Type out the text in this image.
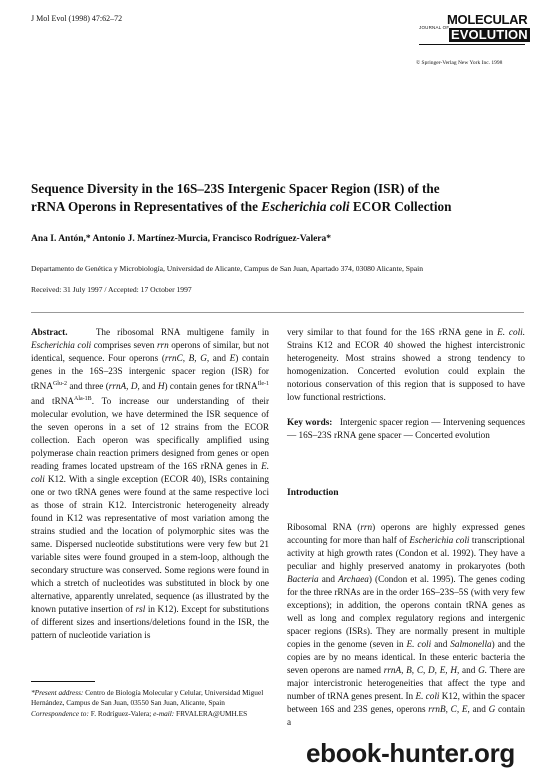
J Mol Evol (1998) 47:62–72
JOURNAL OF
MOLECULAR
EVOLUTION
© Springer-Verlag New York Inc. 1998
Sequence Diversity in the 16S–23S Intergenic Spacer Region (ISR) of the
rRNA Operons in Representatives of the Escherichia coli ECOR Collection
Ana I. Antón,* Antonio J. Martínez-Murcia, Francisco Rodríguez-Valera*
Departamento de Genética y Microbiología, Universidad de Alicante, Campus de San Juan, Apartado 374, 03080 Alicante, Spain
Received: 31 July 1997 / Accepted: 17 October 1997

Abstract.	The ribosomal RNA multigene family in Escherichia coli comprises seven rrn operons of similar, but not identical, sequence. Four operons (rrnC, B, G, and E) contain genes in the 16S–23S intergenic spacer region (ISR) for tRNA$^{Glu-2}$ and three (rrnA, D, and H) contain genes for tRNA$^{Ile-1}$ and tRNA$^{Ala-1B}$. To increase our understanding of their molecular evolution, we have determined the ISR sequence of the seven operons in a set of 12 strains from the ECOR collection. Each operon was specifically amplified using polymerase chain reaction primers designed from genes or open reading frames located upstream of the 16S rRNA genes in E. coli K12. With a single exception (ECOR 40), ISRs containing one or two tRNA genes were found at the same respective loci as those of strain K12. Intercistronic heterogeneity already found in K12 was representative of most variation among the strains studied and the location of polymorphic sites was the same. Dispersed nucleotide substitutions were very few but 21 variable sites were found grouped in a stem-loop, although the secondary structure was conserved. Some regions were found in which a stretch of nucleotides was substituted in block by one alternative, apparently unrelated, sequence (as illustrated by the known putative insertion of rsl in K12). Except for substitutions of different sizes and insertions/deletions found in the ISR, the pattern of nucleotide variation is

very similar to that found for the 16S rRNA gene in E. coli. Strains K12 and ECOR 40 showed the highest intercistronic heterogeneity. Most strains showed a strong tendency to homogenization. Concerted evolution could explain the notorious conservation of this region that is supposed to have low functional restrictions.

Key words: Intergenic spacer region — Intervening sequences — 16S–23S rRNA gene spacer — Concerted evolution
Introduction

Ribosomal RNA (rrn) operons are highly expressed genes accounting for more than half of Escherichia coli transcriptional activity at high growth rates (Condon et al. 1992). They have a peculiar and highly preserved anatomy in prokaryotes (both Bacteria and Archaea) (Condon et al. 1995). The genes coding for the three rRNAs are in the order 16S–23S–5S (with very few exceptions); in addition, the operons contain tRNA genes as well as long and complex regulatory regions and intergenic spacer regions (ISRs). They are normally present in multiple copies in the genome (seven in E. coli and Salmonella) and the copies are by no means identical. In these enteric bacteria the seven operons are named rrnA, B, C, D, E, H, and G. There are major intercistronic heterogeneities that affect the type and number of tRNA genes present. In E. coli K12, within the spacer between 16S and 23S genes, operons rrnB, C, E, and G contain a

*Present address: Centro de Biología Molecular y Celular, Universidad Miguel Hernández, Campus de San Juan, 03550 San Juan, Alicante, Spain

Correspondence to: F. Rodríguez-Valera; e-mail: FRVALERA@UMH.ES

ebook-hunter.org
